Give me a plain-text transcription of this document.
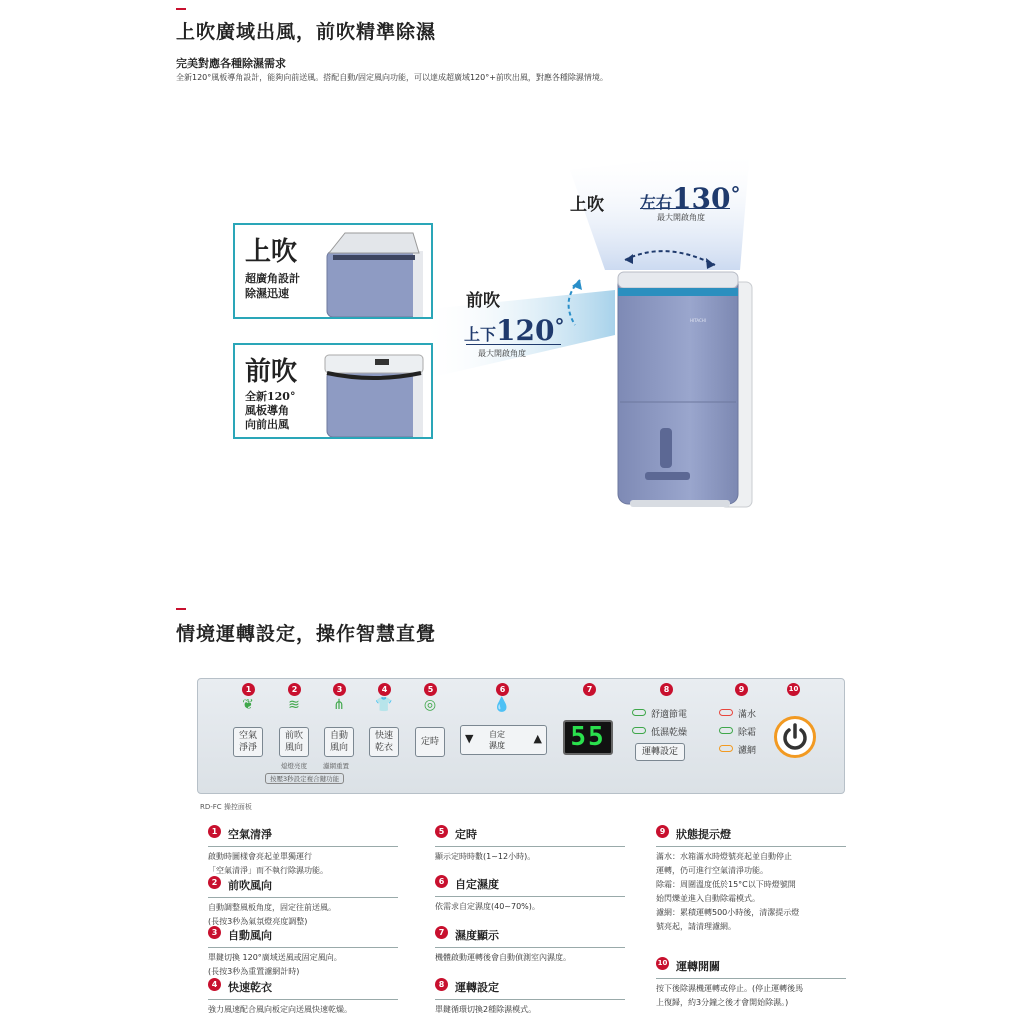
上吹廣域出風，前吹精準除濕
完美對應各種除濕需求
全新120°風板導角設計，能夠向前送風。搭配自動/固定風向功能，可以達成超廣域120°+前吹出風，對應各種除濕情境。
HITACHI
上吹 左右130°
最大開啟角度
前吹
上下120°
最大開啟角度
上吹
超廣角設計
除濕迅速
前吹
全新120°
風板導角
向前出風
情境運轉設定，操作智慧直覺
1	2	3	4	5	6	7	8	9	10
❦ ≋ ⋔ 👕 ◎	💧
空氣
淨淨
前吹
風向
自動
風向
快速
乾衣
定時
熄燈亮度 濾網重置
按壓3秒設定複合鍵功能
▼ 自定
濕度
▲ 55
舒適節電
低濕乾燥
運轉設定
滿水
除霜
濾網
RD-FC 操控面板
1 空氣清淨
啟動時圖樣會亮起並單獨運行
「空氣清淨」而不執行除濕功能。
2 前吹風向
自動調整風板角度，固定往前送風。
(長按3秒為氣氛燈亮度調整)
3 自動風向
單鍵切換 120°廣域送風或固定風向。
(長按3秒為重置濾網計時)
4 快速乾衣
強力風速配合風向板定向送風快速乾燥。
5 定時
顯示定時時數(1~12小時)。
6 自定濕度
依需求自定濕度(40~70%)。
7 濕度顯示
機體啟動運轉後會自動偵測室內濕度。
8 運轉設定
單鍵循環切換2種除濕模式。
9 狀態提示燈
滿水：水箱滿水時燈號亮起並自動停止
運轉，仍可進行空氣清淨功能。
除霜：周圍溫度低於15°C以下時燈號開
始閃爍並進入自動除霜模式。
濾網：累積運轉500小時後，清潔提示燈
號亮起，請清理濾網。
10 運轉開關
按下後除濕機運轉或停止。(停止運轉後馬
上復歸，約3分鐘之後才會開始除濕。)
